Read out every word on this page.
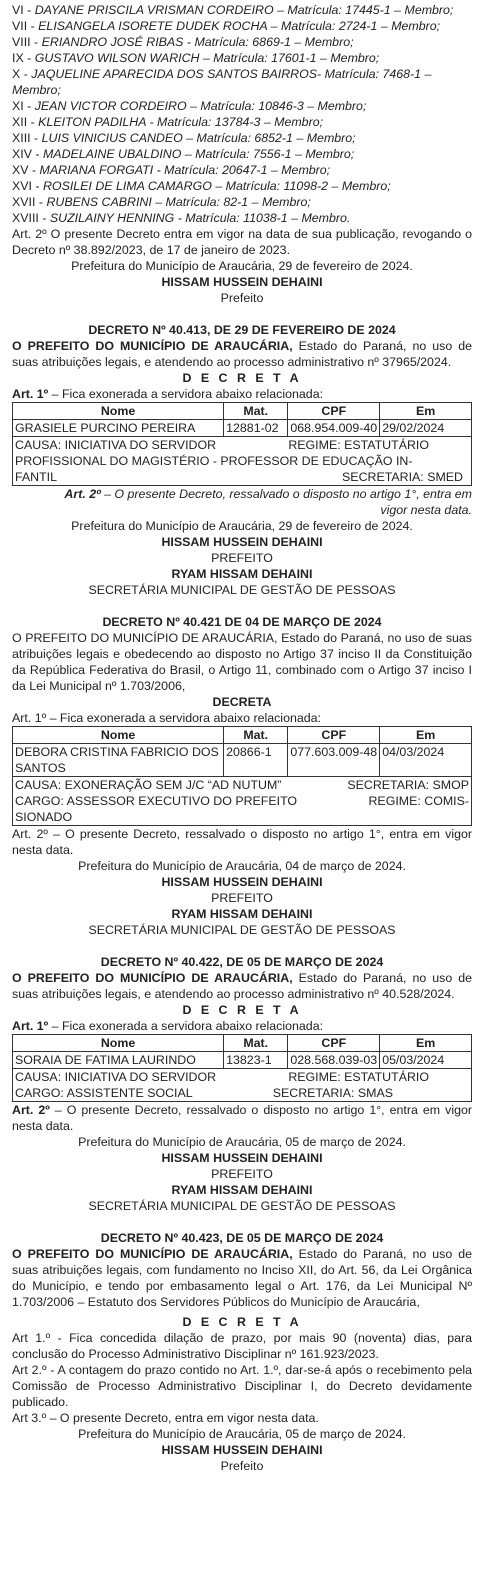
VI - DAYANE PRISCILA VRISMAN CORDEIRO – Matrícula: 17445-1 – Membro;

VII - ELISANGELA ISORETE DUDEK ROCHA – Matrícula: 2724-1 – Membro;

VIII - ERIANDRO JOSÉ RIBAS - Matrícula: 6869-1 – Membro;

IX - GUSTAVO WILSON WARICH – Matrícula: 17601-1 – Membro;

X - JAQUELINE APARECIDA DOS SANTOS BAIRROS- Matrícula: 7468-1 – Membro;

XI - JEAN VICTOR CORDEIRO – Matrícula: 10846-3 – Membro;

XII - KLEITON PADILHA - Matrícula: 13784-3 – Membro;

XIII - LUIS VINICIUS CANDEO – Matrícula: 6852-1 – Membro;

XIV - MADELAINE UBALDINO – Matrícula: 7556-1 – Membro;

XV - MARIANA FORGATI - Matrícula: 20647-1 – Membro;

XVI - ROSILEI DE LIMA CAMARGO – Matrícula: 11098-2 – Membro;

XVII - RUBENS CABRINI – Matrícula: 82-1 – Membro;

XVIII - SUZILAINY HENNING - Matrícula: 11038-1 – Membro.

Art. 2º O presente Decreto entra em vigor na data de sua publicação, revogando o Decreto nº 38.892/2023, de 17 de janeiro de 2023.

Prefeitura do Município de Araucária, 29 de fevereiro de 2024.

HISSAM HUSSEIN DEHAINI

Prefeito

DECRETO Nº 40.413, DE 29 DE FEVEREIRO DE 2024

O PREFEITO DO MUNICÍPIO DE ARAUCÁRIA, Estado do Paraná, no uso de suas atribuições legais, e atendendo ao processo administrativo nº 37965/2024.

D E C R E T A

Art. 1º – Fica exonerada a servidora abaixo relacionada:

Nome	Mat.	CPF	Em
GRASIELE PURCINO PEREIRA	12881-02	068.954.009-40	29/02/2024

CAUSA: INICIATIVA DO SERVIDOR REGIME: ESTATUTÁRIO
PROFISSIONAL DO MAGISTÉRIO - PROFESSOR DE EDUCAÇÃO IN-
FANTIL SECRETARIA: SMED			

Art. 2º – O presente Decreto, ressalvado o disposto no artigo 1°, entra em vigor nesta data.

Prefeitura do Município de Araucária, 29 de fevereiro de 2024.

HISSAM HUSSEIN DEHAINI

PREFEITO

RYAM HISSAM DEHAINI

SECRETÁRIA MUNICIPAL DE GESTÃO DE PESSOAS

DECRETO Nº 40.421 DE 04 DE MARÇO DE 2024

O PREFEITO DO MUNICÍPIO DE ARAUCÁRIA, Estado do Paraná, no uso de suas atribuições legais e obedecendo ao disposto no Artigo 37 inciso II da Constituição da República Federativa do Brasil, o Artigo 11, combinado com o Artigo 37 inciso I da Lei Municipal nº 1.703/2006,

DECRETA

Art. 1º – Fica exonerada a servidora abaixo relacionada:

Nome	Mat.	CPF	Em
DEBORA CRISTINA FABRICIO DOS SANTOS	20866-1	077.603.009-48	04/03/2024

CAUSA: EXONERAÇÃO SEM J/C “AD NUTUM” SECRETARIA: SMOP
CARGO: ASSESSOR EXECUTIVO DO PREFEITO REGIME: COMIS-
SIONADO			

Art. 2º – O presente Decreto, ressalvado o disposto no artigo 1°, entra em vigor nesta data.

Prefeitura do Município de Araucária, 04 de março de 2024.

HISSAM HUSSEIN DEHAINI

PREFEITO

RYAM HISSAM DEHAINI

SECRETÁRIA MUNICIPAL DE GESTÃO DE PESSOAS

DECRETO Nº 40.422, DE 05 DE MARÇO DE 2024

O PREFEITO DO MUNICÍPIO DE ARAUCÁRIA, Estado do Paraná, no uso de suas atribuições legais, e atendendo ao processo administrativo nº 40.528/2024.

D E C R E T A

Art. 1º – Fica exonerada a servidora abaixo relacionada:

Nome	Mat.	CPF	Em
SORAIA DE FATIMA LAURINDO	13823-1	028.568.039-03	05/03/2024

CAUSA: INICIATIVA DO SERVIDOR REGIME: ESTATUTÁRIO
CARGO: ASSISTENTE SOCIAL SECRETARIA: SMAS			

Art. 2º – O presente Decreto, ressalvado o disposto no artigo 1°, entra em vigor nesta data.

Prefeitura do Município de Araucária, 05 de março de 2024.

HISSAM HUSSEIN DEHAINI

PREFEITO

RYAM HISSAM DEHAINI

SECRETÁRIA MUNICIPAL DE GESTÃO DE PESSOAS

DECRETO Nº 40.423, DE 05 DE MARÇO DE 2024

O PREFEITO DO MUNICÍPIO DE ARAUCÁRIA, Estado do Paraná, no uso de suas atribuições legais, com fundamento no Inciso XII, do Art. 56, da Lei Orgânica do Município, e tendo por embasamento legal o Art. 176, da Lei Municipal Nº 1.703/2006 – Estatuto dos Servidores Públicos do Município de Araucária,

D E C R E T A

Art 1.º - Fica concedida dilação de prazo, por mais 90 (noventa) dias, para conclusão do Processo Administrativo Disciplinar nº 161.923/2023.

Art 2.º - A contagem do prazo contido no Art. 1.º, dar-se-á após o recebimento pela Comissão de Processo Administrativo Disciplinar I, do Decreto devidamente publicado.

Art 3.º – O presente Decreto, entra em vigor nesta data.

Prefeitura do Município de Araucária, 05 de março de 2024.

HISSAM HUSSEIN DEHAINI

Prefeito
